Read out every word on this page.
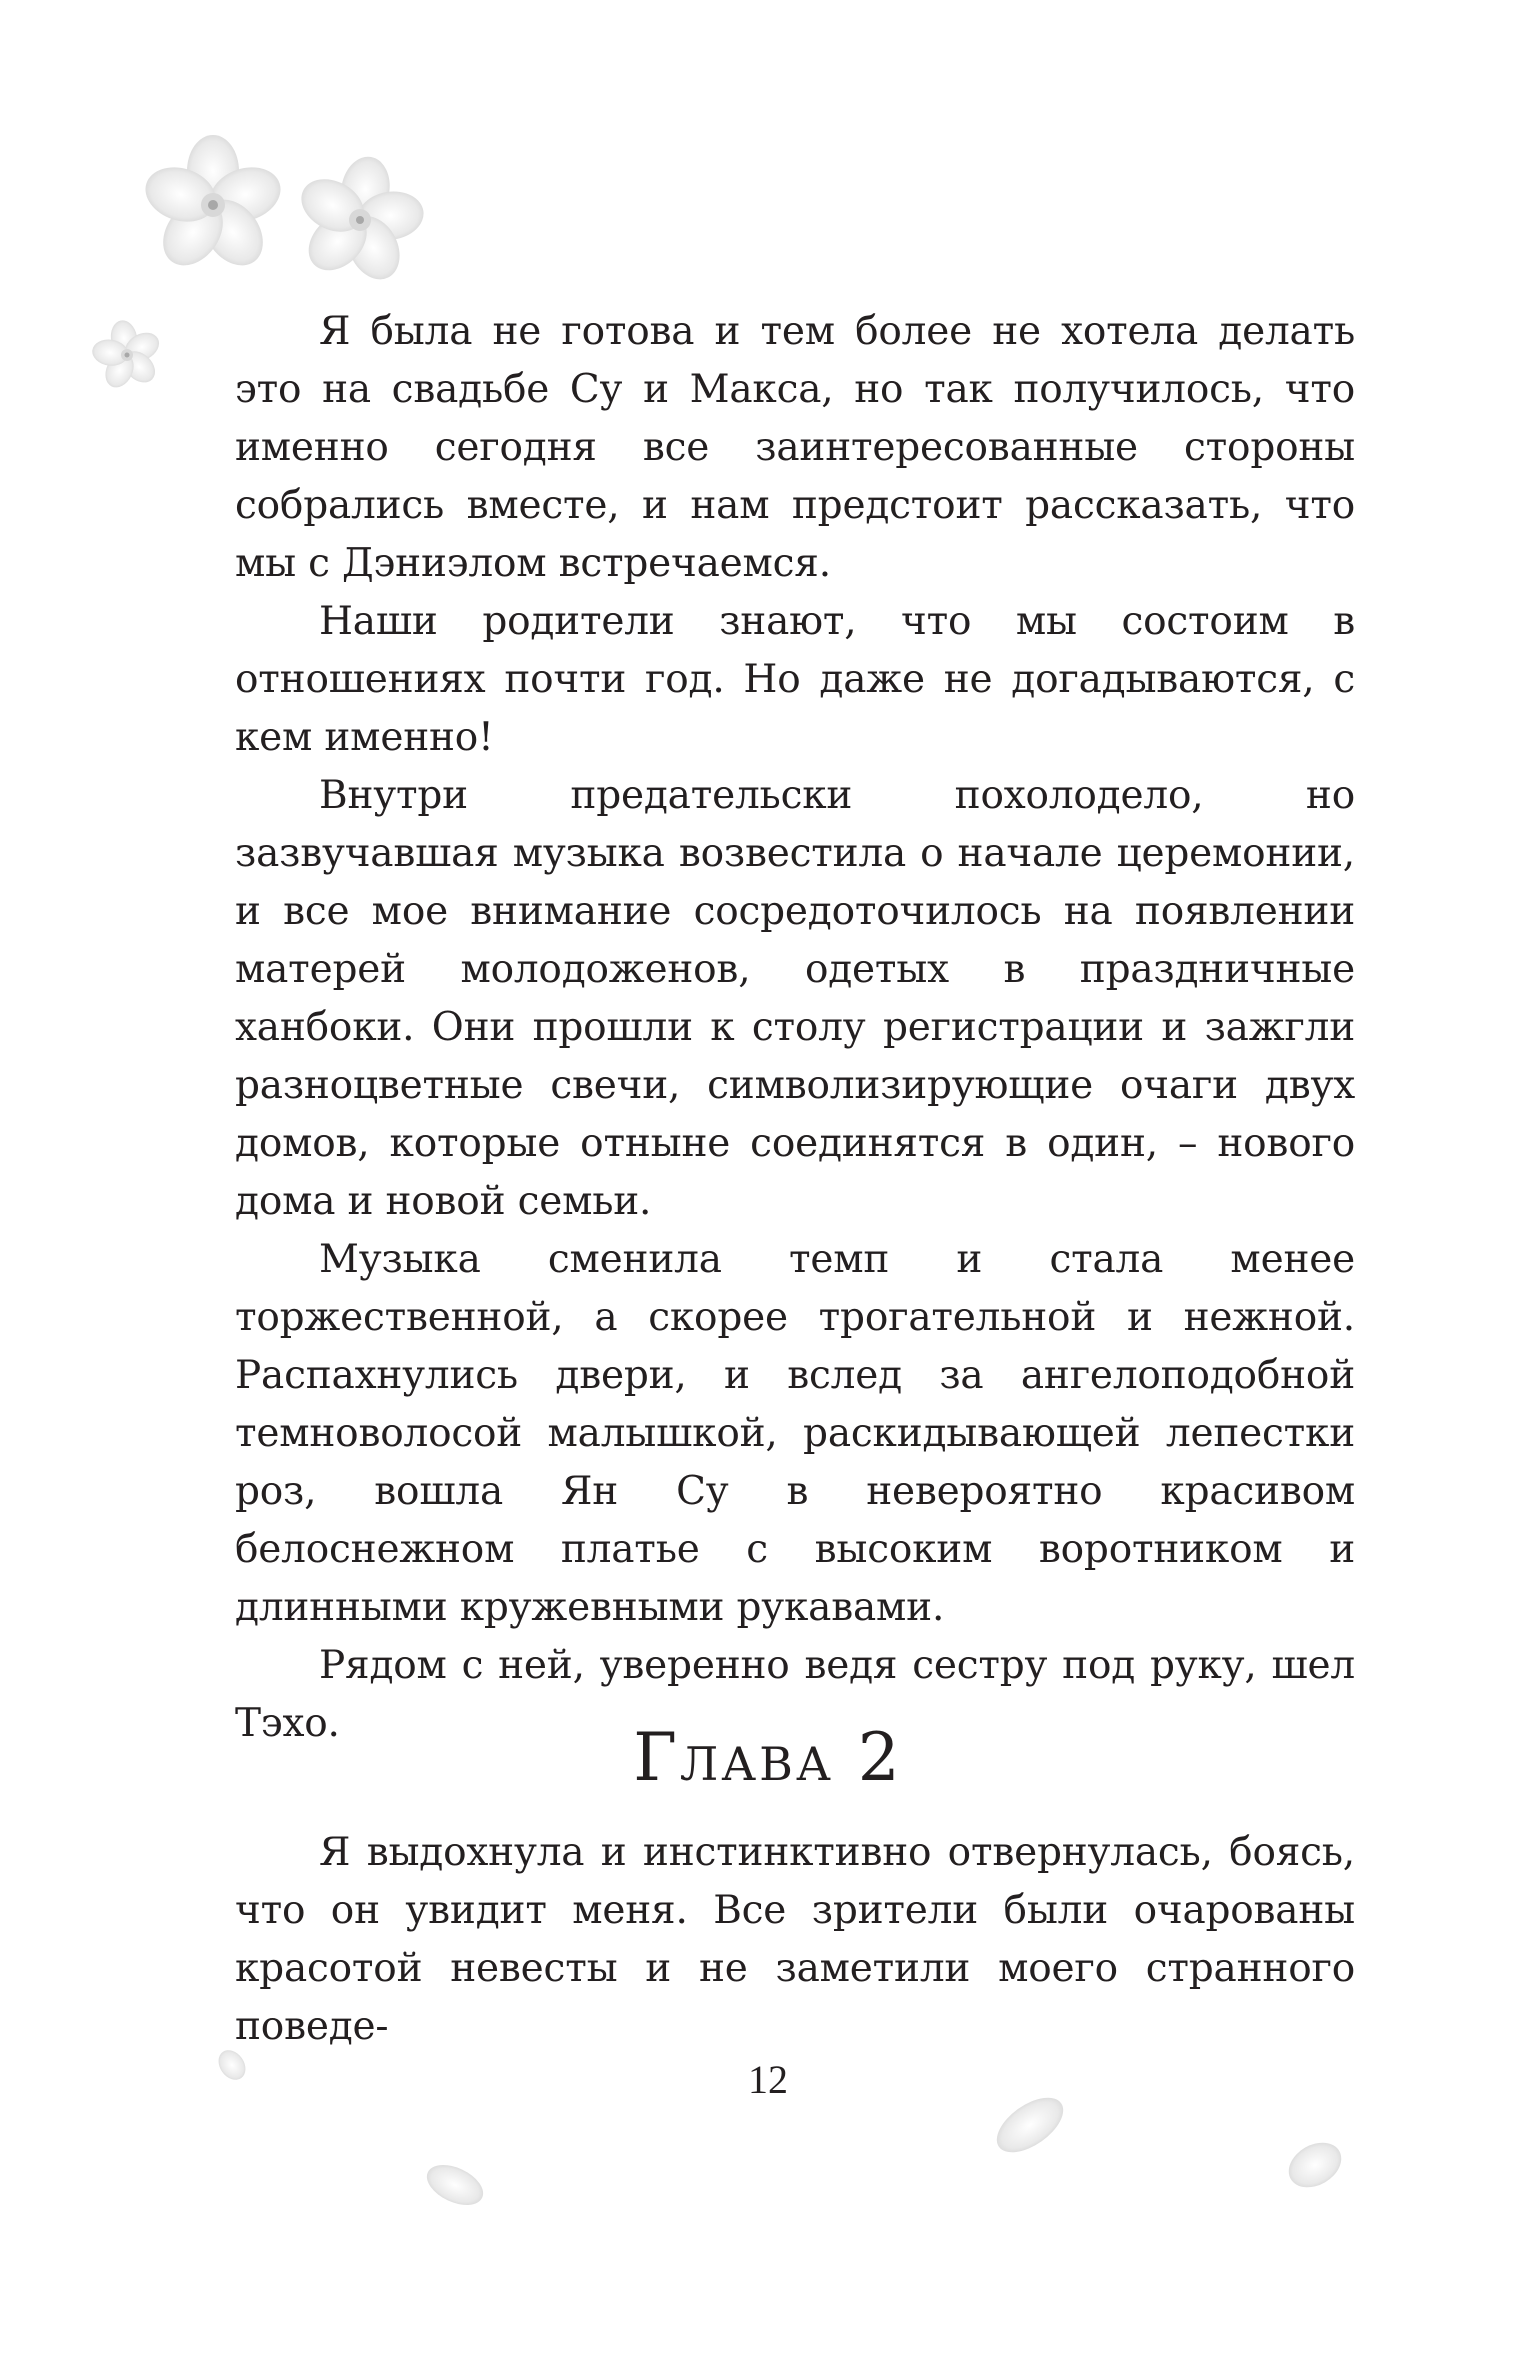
Я была не готова и тем более не хотела делать это на свадьбе Су и Макса, но так получилось, что именно сегодня все заинтересованные стороны собрались вместе, и нам предстоит рассказать, что мы с Дэниэлом встречаемся.

Наши родители знают, что мы состоим в отношениях почти год. Но даже не догадываются, с кем именно!

Внутри предательски похолодело, но зазвучавшая музыка возвестила о начале церемонии, и все мое внимание сосредоточилось на появлении матерей молодоженов, одетых в праздничные ханбоки. Они прошли к столу регистрации и зажгли разноцветные свечи, символизирующие очаги двух домов, которые отныне соединятся в один, – нового дома и новой семьи.

Музыка сменила темп и стала менее торжественной, а скорее трогательной и нежной. Распахнулись двери, и вслед за ангелоподобной темноволосой малышкой, раскидывающей лепестки роз, вошла Ян Су в невероятно красивом белоснежном платье с высоким воротником и длинными кружевными рукавами.

Рядом с ней, уверенно ведя сестру под руку, шел Тэхо.	Глава 2

Я выдохнула и инстинктивно отвернулась, боясь, что он увидит меня. Все зрители были очарованы красотой невесты и не заметили моего странного поведе-

12
